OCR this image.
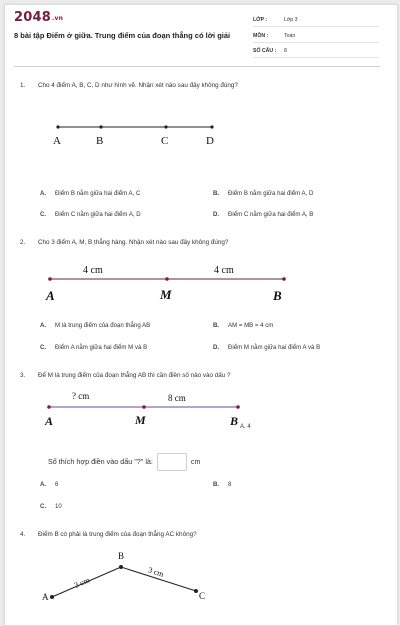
2048.vn
8 bài tập Điểm ở giữa. Trung điểm của đoạn thẳng có lời giải
LỚP :	Lớp 3
MÔN :	Toán
SỐ CÂU : 8
1. Cho 4 điểm A, B, C, D như hình vẽ. Nhận xét nào sau đây không đúng?
A	B	C	D
A. Điểm B nằm giữa hai điểm A, C	B. Điểm B nằm giữa hai điểm A, D
C. Điểm C nằm giữa hai điểm A, D	D. Điểm C nằm giữa hai điểm A, B
2. Cho 3 điểm A, M, B thẳng hàng. Nhận xét nào sau đây không đúng?
4 cm	4 cm
A	M	B
A. M là trung điểm của đoạn thẳng AB	B. AM = MB = 4 cm
C. Điểm A nằm giữa hai điểm M và B	D. Điểm M nằm giữa hai điểm A và B
3. Để M là trung điểm của đoạn thẳng AB thì cần điền số nào vào dấu ?
? cm	8 cm
A	M	B A. 4
Số thích hợp điền vào dấu "?" là:	cm
A. 6	B. 8
C. 10
4. Điểm B có phải là trung điểm của đoạn thẳng AC không?
B
A	C
3 cm
3 cm
